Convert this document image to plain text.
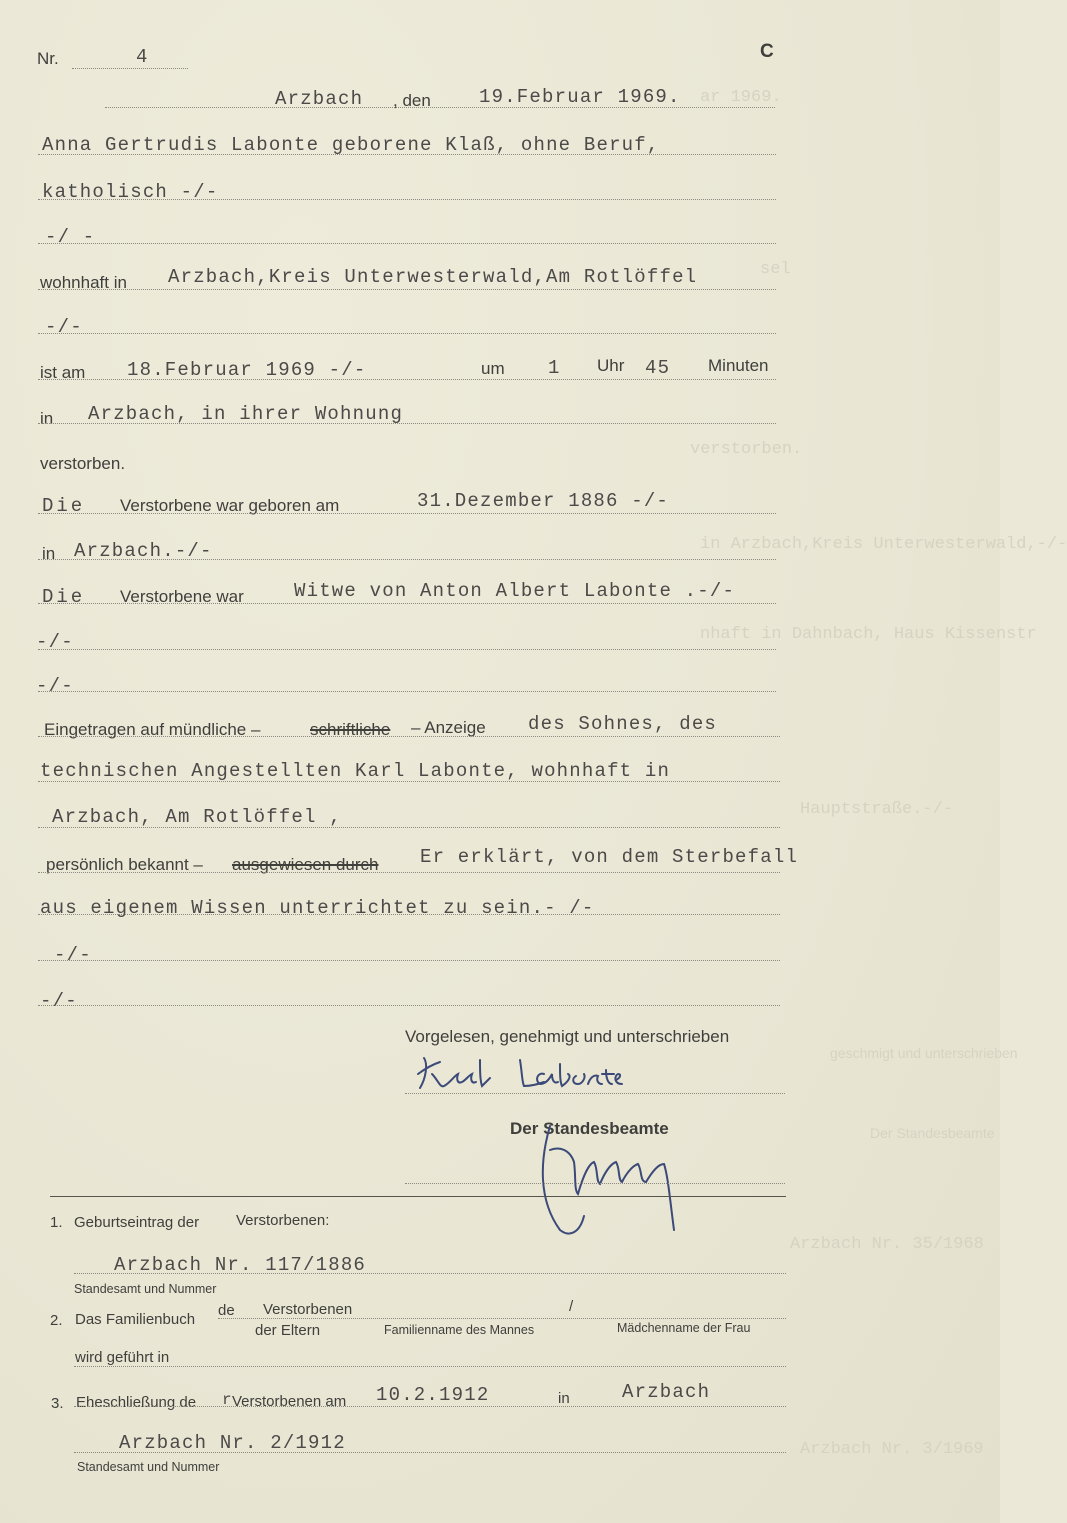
ar 1969.
sel
verstorben.
in Arzbach,Kreis Unterwesterwald,-/-
nhaft in Dahnbach, Haus Kissenstr
Hauptstraße.-/-
geschmigt und unterschrieben
Der Standesbeamte
Arzbach Nr. 35/1968
Arzbach Nr. 3/1969
Nr.	4	C
Arzbach , den	19.Februar 1969.
Anna Gertrudis Labonte geborene Klaß, ohne Beruf,
katholisch -/-
-/ -
wohnhaft in Arzbach,Kreis Unterwesterwald,Am Rotlöffel
-/-
ist am 18.Februar 1969 -/-	um 1 Uhr 45 Minuten
in Arzbach, in ihrer Wohnung
verstorben.
Die Verstorbene war geboren am	31.Dezember 1886 -/-
in Arzbach.-/-
Die Verstorbene war	Witwe von Anton Albert Labonte .-/-
-/-
-/-
Eingetragen auf mündliche –	schriftliche – Anzeige des Sohnes, des
technischen Angestellten Karl Labonte, wohnhaft in
Arzbach, Am Rotlöffel ,
persönlich bekannt – ausgewiesen durch Er erklärt, von dem Sterbefall
aus eigenem Wissen unterrichtet zu sein.- /-
-/-
-/-
Vorgelesen, genehmigt und unterschrieben
Der Standesbeamte
1. Geburtseintrag der Verstorbenen:
Arzbach Nr. 117/1886
Standesamt und Nummer
2. Das Familienbuch
de Verstorbenen	/
der Eltern	Familienname des Mannes	Mädchenname der Frau
wird geführt in
3. Eheschließung de r Verstorbenen am 10.2.1912	in	Arzbach
Arzbach Nr. 2/1912
Standesamt und Nummer
